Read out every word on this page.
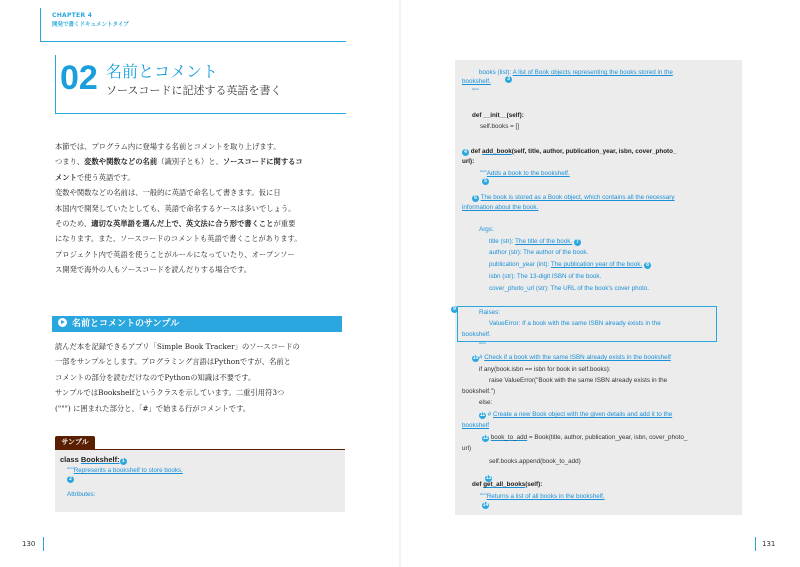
CHAPTER 4
開発で書くドキュメントタイプ
02 名前とコメント
ソースコードに記述する英語を書く

本節では、プログラム内に登場する名前とコメントを取り上げます。

つまり、変数や関数などの名前（識別子とも）と、ソースコードに関するコ

メントで使う英語です。

変数や関数などの名前は、一般的に英語で命名して書きます。仮に日

本国内で開発していたとしても、英語で命名するケースは多いでしょう。

そのため、適切な英単語を選んだ上で、英文法に合う形で書くことが重要

になります。また、ソースコードのコメントも英語で書くことがあります。

プロジェクト内で英語を使うことがルールになっていたり、オープンソー

ス開発で海外の人もソースコードを読んだりする場合です。

名前とコメントのサンプル

読んだ本を記録できるアプリ「Simple Book Tracker」のソースコードの

一部をサンプルとします。プログラミング言語はPythonですが、名前と

コメントの部分を読むだけなのでPythonの知識は不要です。

サンプルではBookshelfというクラスを示しています。二重引用符3つ

(""") に囲まれた部分と、「#」で始まる行がコメントです。

サンプル
class Bookshelf: 1
"""Represents a bookshelf to store books.
2
Attributes:
130
books (list): A list of Book objects representing the books stored in the
bookshelf.	3
"""
def __init__(self):
self.books = []
4 def add_book(self, title, author, publication_year, isbn, cover_photo_
url):
"""Adds a book to the bookshelf.
5
6 The book is stored as a Book object, which contains all the necessary
information about the book.
Args:
title (str): The title of the book. 7
author (str): The author of the book.
publication_year (int): The publication year of the book. 8
isbn (str): The 13-digit ISBN of the book.
cover_photo_url (str): The URL of the book's cover photo.
9	Raises:
ValueError: If a book with the same ISBN already exists in the
bookshelf.
"""
10# Check if a book with the same ISBN already exists in the bookshelf
if any(book.isbn == isbn for book in self.books):
raise ValueError("Book with the same ISBN already exists in the
bookshelf.")
else:
11 # Create a new Book object with the given details and add it to the
bookshelf
12 book_to_add = Book(title, author, publication_year, isbn, cover_photo_
url)
self.books.append(book_to_add)
13
def get_all_books(self):
"""Returns a list of all books in the bookshelf.
14
131
